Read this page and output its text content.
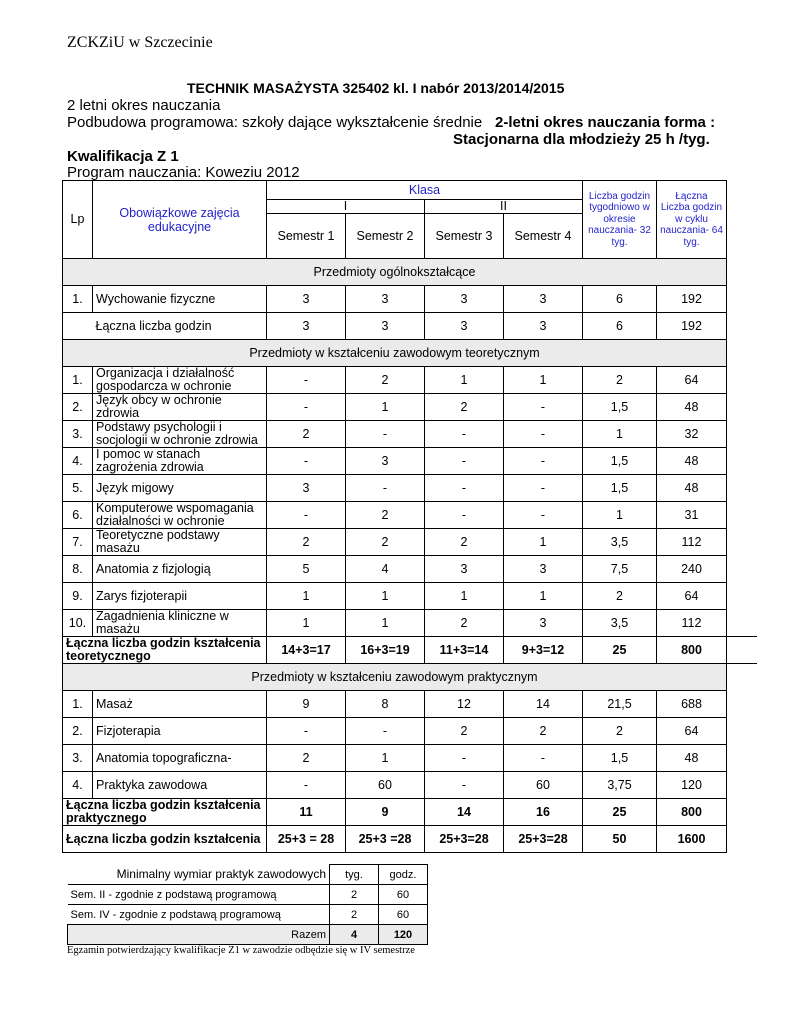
ZCKZiU w Szczecinie
TECHNIK MASAŻYSTA 325402 kl. I nabór 2013/2014/2015
2 letni okres nauczania
Podbudowa programowa: szkoły dające wykształcenie średnie 2-letni okres nauczania forma :
Stacjonarna dla młodzieży 25 h /tyg.
Kwalifikacja Z 1
Program nauczania: Koweziu 2012
Lp	Obowiązkowe zajęcia edukacyjne	Klasa				Liczba godzin tygodniowo w okresie nauczania- 32 tyg.	Łączna Liczba godzin w cyklu nauczania- 64 tyg.	
		I		II				
		Semestr 1	Semestr 2	Semestr 3	Semestr 4			
Przedmioty ogólnokształcące								
1.	Wychowanie fizyczne	3	3	3	3	6	192	
	Łączna liczba godzin	3	3	3	3	6	192	
Przedmioty w kształceniu zawodowym teoretycznym								
1.	Organizacja i działalność gospodarcza w ochronie	-	2	1	1	2	64	
2.	Język obcy w ochronie zdrowia	-	1	2	-	1,5	48	
3.	Podstawy psychologii i socjologii w ochronie zdrowia	2	-	-	-	1	32	
4.	I pomoc w stanach zagrożenia zdrowia	-	3	-	-	1,5	48	
5.	Język migowy	3	-	-	-	1,5	48	
6.	Komputerowe wspomagania działalności w ochronie	-	2	-	-	1	31	
7.	Teoretyczne podstawy masażu	2	2	2	1	3,5	112	
8.	Anatomia z fizjologią	5	4	3	3	7,5	240	
9.	Zarys fizjoterapii	1	1	1	1	2	64	
10.	Zagadnienia kliniczne w masażu	1	1	2	3	3,5	112	
Łączna liczba godzin kształcenia teoretycznego		14+3=17	16+3=19	11+3=14	9+3=12	25	800	
Przedmioty w kształceniu zawodowym praktycznym								
1.	Masaż	9	8	12	14	21,5	688	
2.	Fizjoterapia	-	-	2	2	2	64	
3.	Anatomia topograficzna-	2	1	-	-	1,5	48	
4.	Praktyka zawodowa	-	60	-	60	3,75	120	
Łączna liczba godzin kształcenia praktycznego		11	9	14	16	25	800	
Łączna liczba godzin kształcenia		25+3 = 28	25+3 =28	25+3=28	25+3=28	50	1600	
Minimalny wymiar praktyk zawodowych	tyg.	godz.
Sem. II - zgodnie z podstawą programową	2	60
Sem. IV - zgodnie z podstawą programową	2	60
Razem	4	120
Egzamin potwierdzający kwalifikacje Z1 w zawodzie odbędzie się w IV semestrze
